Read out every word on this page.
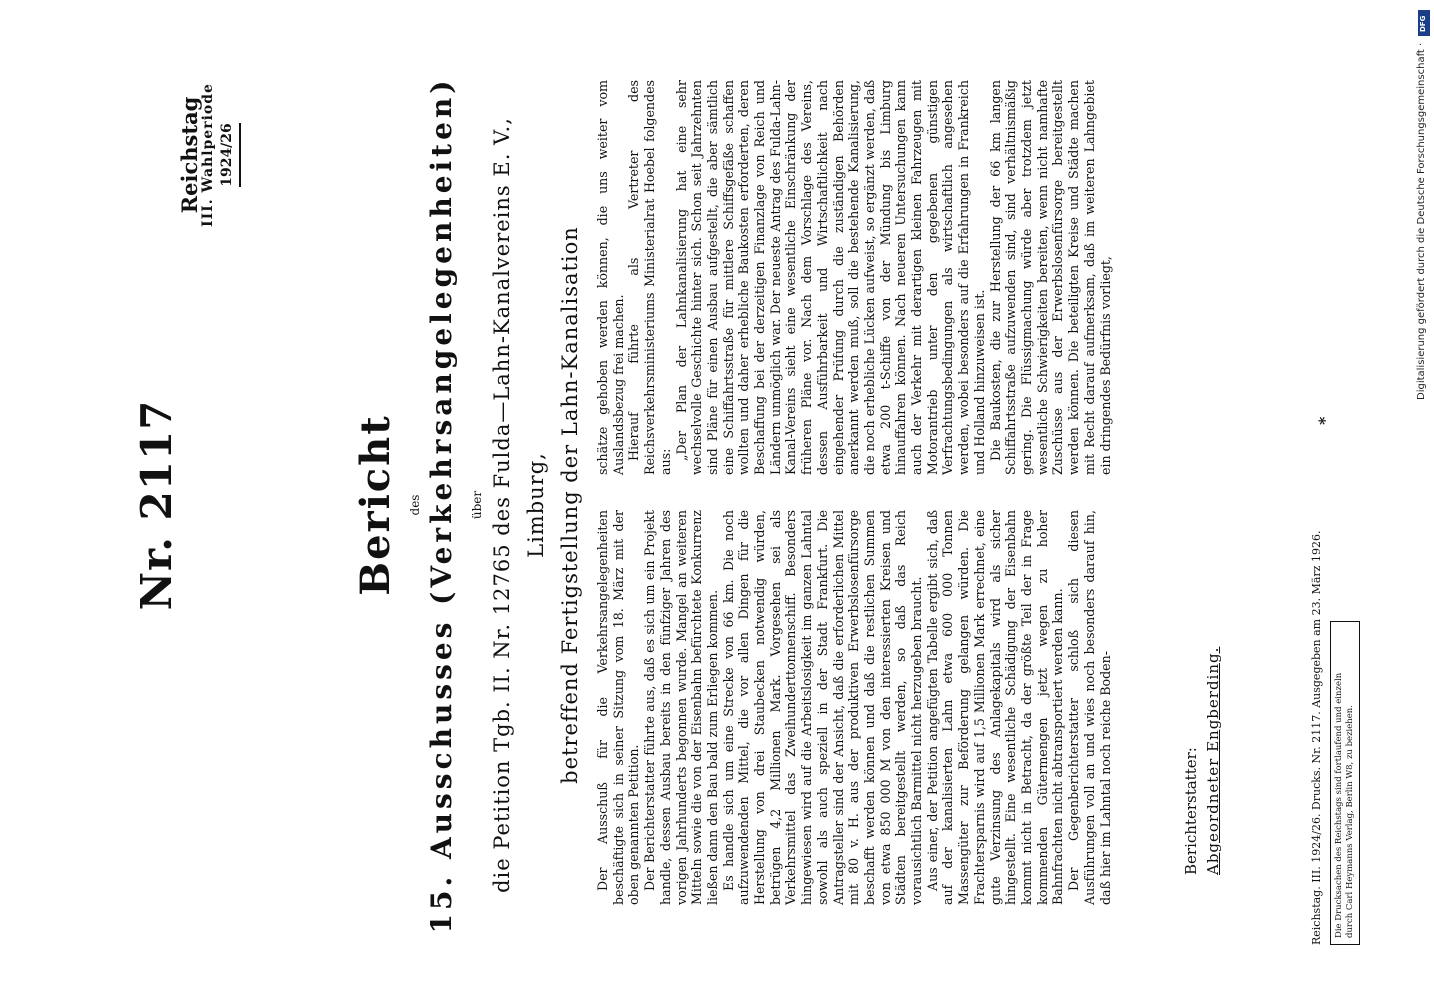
Berichterstatter: Abgeordneter Engberding.
Nr. 2117
Reichstag
III. Wahlperiode 1924/26
Bericht des 15. Ausschusses (Verkehrsangelegenheiten) über die Petition Tgb. II. Nr. 12765 des Fulda—Lahn-Kanalvereins E. V., Limburg, betreffend Fertigstellung der Lahn-Kanalisation	Der Ausschuß für die Verkehrsangelegenheiten beschäftigte sich in seiner Sitzung vom 18. März mit der oben genannten Petition. Der Berichterstatter führte aus, daß es sich um ein Projekt handle, dessen Ausbau bereits in den fünfziger Jahren des vorigen Jahrhunderts begonnen wurde. Mangel an weiteren Mitteln sowie die von der Eisenbahn befürchtete Konkurrenz ließen dann den Bau bald zum Erliegen kommen. Es handle sich um eine Strecke von 66 km. Die noch aufzuwendenden Mittel, die vor allen Dingen für die Herstellung von drei Staubecken notwendig würden, betrügen 4,2 Millionen Mark. Vorgesehen sei als Verkehrsmittel das Zweihunderttonnenschiff. Besonders hingewiesen wird auf die Arbeitslosigkeit im ganzen Lahntal sowohl als auch speziell in der Stadt Frankfurt. Die Antragsteller sind der Ansicht, daß die erforderlichen Mittel mit 80 v. H. aus der produktiven Erwerbslosenfürsorge beschafft werden können und daß die restlichen Summen von etwa 850 000 M von den interessierten Kreisen und Städten bereitgestellt werden, so daß das Reich vorausichtlich Barmittel nicht herzugeben braucht. Aus einer, der Petition angefügten Tabelle ergibt sich, daß auf der kanalisierten Lahn etwa 600 000 Tonnen Massengüter zur Beförderung gelangen würden. Die Frachtersparnis wird auf 1,5 Millionen Mark errechnet, eine gute Verzinsung des Anlagekapitals wird als sicher hingestellt. Eine wesentliche Schädigung der Eisenbahn kommt nicht in Betracht, da der größte Teil der in Frage kommenden Gütermengen jetzt wegen zu hoher Bahnfrachten nicht abtransportiert werden kann. Der Gegenberichterstatter schloß sich diesen Ausführungen voll an und wies noch besonders darauf hin, daß hier im Lahntal noch reiche Boden-

schätze gehoben werden können, die uns weiter vom Auslandsbezug frei machen. Hierauf führte als Vertreter des Reichsverkehrsministeriums Ministerialrat Hoebel folgendes aus:

„Der Plan der Lahnkanalisierung hat eine sehr wechselvolle Geschichte hinter sich. Schon seit Jahrzehnten sind Pläne für einen Ausbau aufgestellt, die aber sämtlich eine Schiffahrtsstraße für mittlere Schiffsgefäße schaffen wollten und daher erhebliche Baukosten erforderten, deren Beschaffung bei der derzeitigen Finanzlage von Reich und Ländern unmöglich war. Der neueste Antrag des Fulda-Lahn-Kanal-Vereins sieht eine wesentliche Einschränkung der früheren Pläne vor. Nach dem Vorschlage des Vereins, dessen Ausführbarkeit und Wirtschaftlichkeit nach eingehender Prüfung durch die zuständigen Behörden anerkannt werden muß, soll die bestehende Kanalisierung, die noch erhebliche Lücken aufweist, so ergänzt werden, daß etwa 200 t-Schiffe von der Mündung bis Limburg hinauffahren können. Nach neueren Untersuchungen kann auch der Verkehr mit derartigen kleinen Fahrzeugen mit Motorantrieb unter den gegebenen günstigen Verfrachtungsbedingungen als wirtschaftlich angesehen werden, wobei besonders auf die Erfahrungen in Frankreich und Holland hinzuweisen ist. Die Baukosten, die zur Herstellung der 66 km langen Schiffahrtsstraße aufzuwenden sind, sind verhältnismäßig gering. Die Flüssigmachung würde aber trotzdem jetzt wesentliche Schwierigkeiten bereiten, wenn nicht namhafte Zuschüsse aus der Erwerbslosenfürsorge bereitgestellt werden können. Die beteiligten Kreise und Städte machen mit Recht darauf aufmerksam, daß im weiteren Lahngebiet ein dringendes Bedürfnis vorliegt,

Reichstag. III. 1924/26. Drucks. Nr. 2117. Ausgegeben am 23. März 1926. Die Drucksachen des Reichstags sind fortlaufend und einzeln durch Carl Heymanns Verlag, Berlin W8, zu beziehen.
*
Digitalisierung gefördert durch die Deutsche Forschungsgemeinschaft ·
DFG
